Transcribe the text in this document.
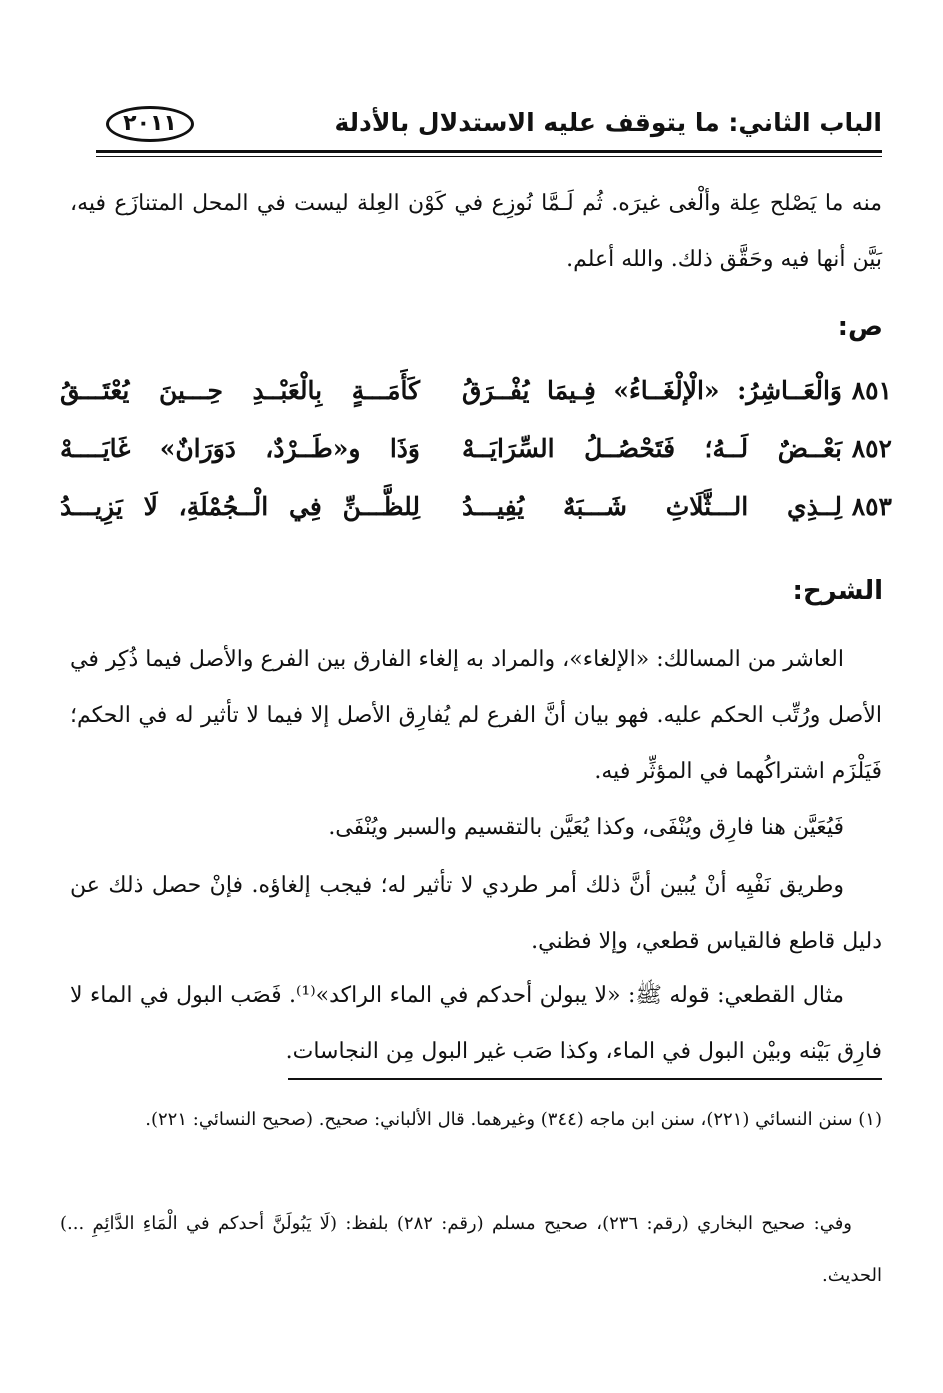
الباب الثاني: ما يتوقف عليه الاستدلال بالأدلة
٢٠١١
منه ما يَصْلح عِلة وألْغى غيرَه. ثُم لَـمَّا نُوزِع في كَوْن العِلة ليست في المحل المتنازَع فيه، بَيَّن أنها فيه وحَقَّق ذلك. والله أعلم.
ص:
٨٥١
وَالْعَــاشِرُ: «الْإلْغَــاءُ» فِـيمَا يُفْــرَقُ
كَأَمَـــةٍ بِالْعَبْــدِ حِـــينَ يُعْتَـــقُ
٨٥٢
بَعْــضٌ لَــهُ؛ فَتَحْصُــلُ السِّرَايَــهْ
وَذَا و«طَــرْدٌ، دَوَرَانٌ» غَايَــــهْ
٨٥٣
لِــذِي الـــثَّلَاثِ شَـــبَهٌ يُفِيـــدُ
لِلظَّـــنِّ فِي الْــجُمْلَةِ، لَا يَزِيـــدُ
الشرح:
العاشر من المسالك: «الإلغاء»، والمراد به إلغاء الفارق بين الفرع والأصل فيما ذُكِر في الأصل ورُتِّب الحكم عليه. فهو بيان أنَّ الفرع لم يُفارِق الأصل إلا فيما لا تأثير له في الحكم؛ فَيَلْزَم اشتراكُهما في المؤثِّر فيه.
فَيُعَيَّن هنا فارِق ويُنْفَى، وكذا يُعَيَّن بالتقسيم والسبر ويُنْفَى.
وطريق نَفْيِه أنْ يُبين أنَّ ذلك أمر طردي لا تأثير له؛ فيجب إلغاؤه. فإنْ حصل ذلك عن دليل قاطع فالقياس قطعي، وإلا فظني.
مثال القطعي: قوله ﷺ: «لا يبولن أحدكم في الماء الراكد»⁽¹⁾. فَصَب البول في الماء لا فارِق بَيْنه وبيْن البول في الماء، وكذا صَب غير البول مِن النجاسات.
(١) سنن النسائي (٢٢١)، سنن ابن ماجه (٣٤٤) وغيرهما. قال الألباني: صحيح. (صحيح النسائي: ٢٢١).
وفي: صحيح البخاري (رقم: ٢٣٦)، صحيح مسلم (رقم: ٢٨٢) بلفظ: (لَا يَبُولَنَّ أحدكم في الْمَاءِ الدَّائِمِ ...) الحديث.
